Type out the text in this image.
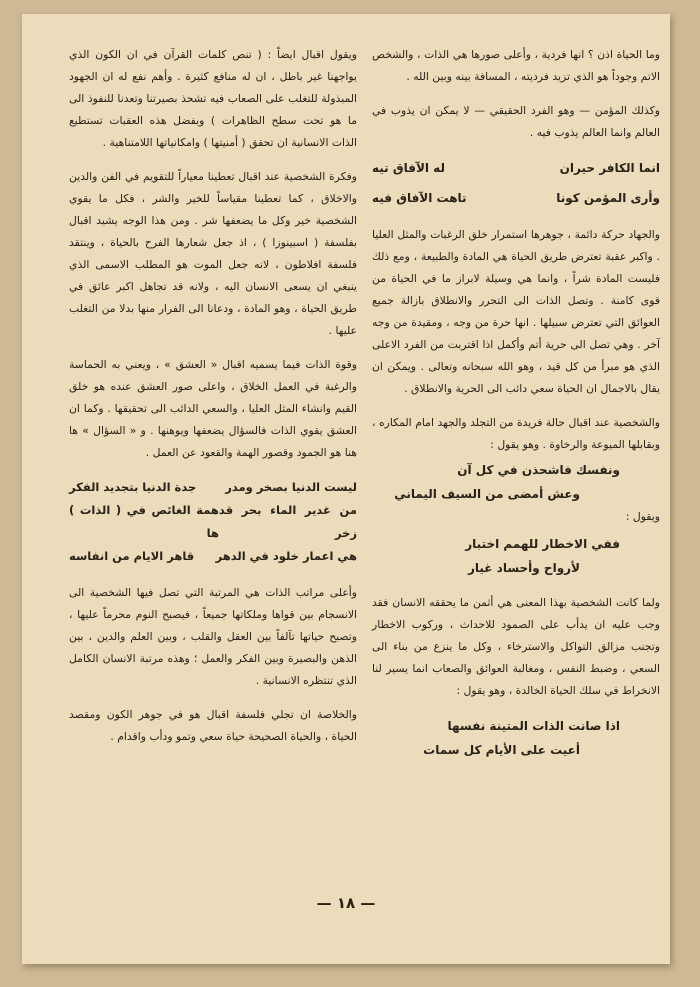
وما الحياة اذن ؟ انها فردية ، وأعلى صورها هي الذات ، والشخص الاتم وجوداً هو الذي تزيد فرديته ، المسافة بينه وبين الله .

وكذلك المؤمن — وهو الفرد الحقيقي — لا يمكن ان يذوب في العالم وانما العالم يذوب فيه .

انما الكافر حيران
له الآفاق تيه
وأرى المؤمن كونا
تاهت الآفاق فيه

والجهاد حركة دائمة ، جوهرها استمرار خلق الرغبات والمثل العليا . واكبر عقبة تعترض طريق الحياة هي المادة والطبيعة ، ومع ذلك فليست المادة شراً ، وانما هي وسيلة لابراز ما في الحياة من قوى كامنة . وتصل الذات الى التحرر والانطلاق بازالة جميع العوائق التي تعترض سبيلها . انها حرة من وجه ، ومقيدة من وجه آخر . وهي تصل الى حرية أتم وأكمل اذا اقتربت من الفرد الاعلى الذي هو مبرأ من كل قيد ، وهو الله سبحانه وتعالى . ويمكن ان يقال بالاجمال ان الحياة سعي دائب الى الحرية والانطلاق .

والشخصية عند اقبال حالة فريدة من التجلد والجهد امام المكاره ، وبقابلها الميوعة والرخاوة . وهو يقول :

ونفسك فاشحذن في كل آن

وعش أمضى من السيف اليماني

ويقول :

ففي الاخطار للهمم اختبار

لأرواح وأحساد غيار

ولما كانت الشخصية بهذا المعنى هي أثمن ما يحققه الانسان فقد وجب عليه ان يدأب على الصمود للاحداث ، وركوب الاخطار وتجنب مزالق التواكل والاسترخاء ، وكل ما ينزع من بناء الى السعي ، وضبط النفس ، ومغالبة العوائق والصعاب انما يسير لنا الانخراط في سلك الحياة الخالدة ، وهو يقول :

اذا صانت الذات المتينة نفسها

أعيت على الأيام كل سمات

ويقول اقبال ايضاً : ( تنص كلمات القرآن في ان الكون الذي يواجهنا غير باطل ، ان له منافع كثيرة . وأهم نفع له ان الجهود المبذولة للتغلب على الصعاب فيه تشحذ بصيرتنا وتعدنا للنفوذ الى ما هو تحت سطح الظاهرات ) وبفضل هذه العقبات تستطيع الذات الانسانية ان تحقق ( أمنيتها ) وامكانياتها اللامتناهية .

وفكرة الشخصية عند اقبال تعطينا معياراً للتقويم في الفن والدين والاخلاق ، كما تعطينا مقياساً للخير والشر ، فكل ما يقوي الشخصية خير وكل ما يضعفها شر . ومن هذا الوجه يشيد اقبال بفلسفة ( اسبينوزا ) ، اذ جعل شعارها الفرح بالحياة ، وينتقد فلسفة افلاطون ، لانه جعل الموت هو المطلب الاسمى الذي ينبغي ان يسعى الانسان اليه ، ولانه قد تجاهل اكبر عائق في طريق الحياة ، وهو المادة ، ودعانا الى الفرار منها بدلا من التغلب عليها .

وقوة الذات فيما يسميه اقبال « العشق » ، ويعني به الحماسة والرغبة في العمل الخلاق ، واعلى صور العشق عنده هو خلق القيم وانشاء المثل العليا ، والسعي الدائب الى تحقيقها . وكما ان العشق يقوي الذات فالسؤال يضعفها ويوهنها . و « السؤال » ها هنا هو الجمود وقصور الهمة والقعود عن العمل .

ليست الدنيا بصخر ومدر
جدة الدنيا بتجديد الفكر
من غدير الماء بحر قد زخر
همة الغائص في ( الذات ) ها
هي اعمار خلود في الدهر
قاهر الايام من انفاسه

وأعلى مراتب الذات هي المرتبة التي تصل فيها الشخصية الى الانسجام بين قواها وملكاتها جميعاً ، فيصبح النوم محرماً عليها ، وتصبح حياتها تآلفاً بين العقل والقلب ، وبين العلم والدين ، بين الذهن والبصيرة وبين الفكر والعمل ؛ وهذه مرتبة الانسان الكامل الذي تنتظره الانسانية .

والخلاصة ان تجلي فلسفة اقبال هو في جوهر الكون ومقصد الحياة ، والحياة الصحيحة حياة سعي وتمو ودأب واقدام .

— ١٨ —
